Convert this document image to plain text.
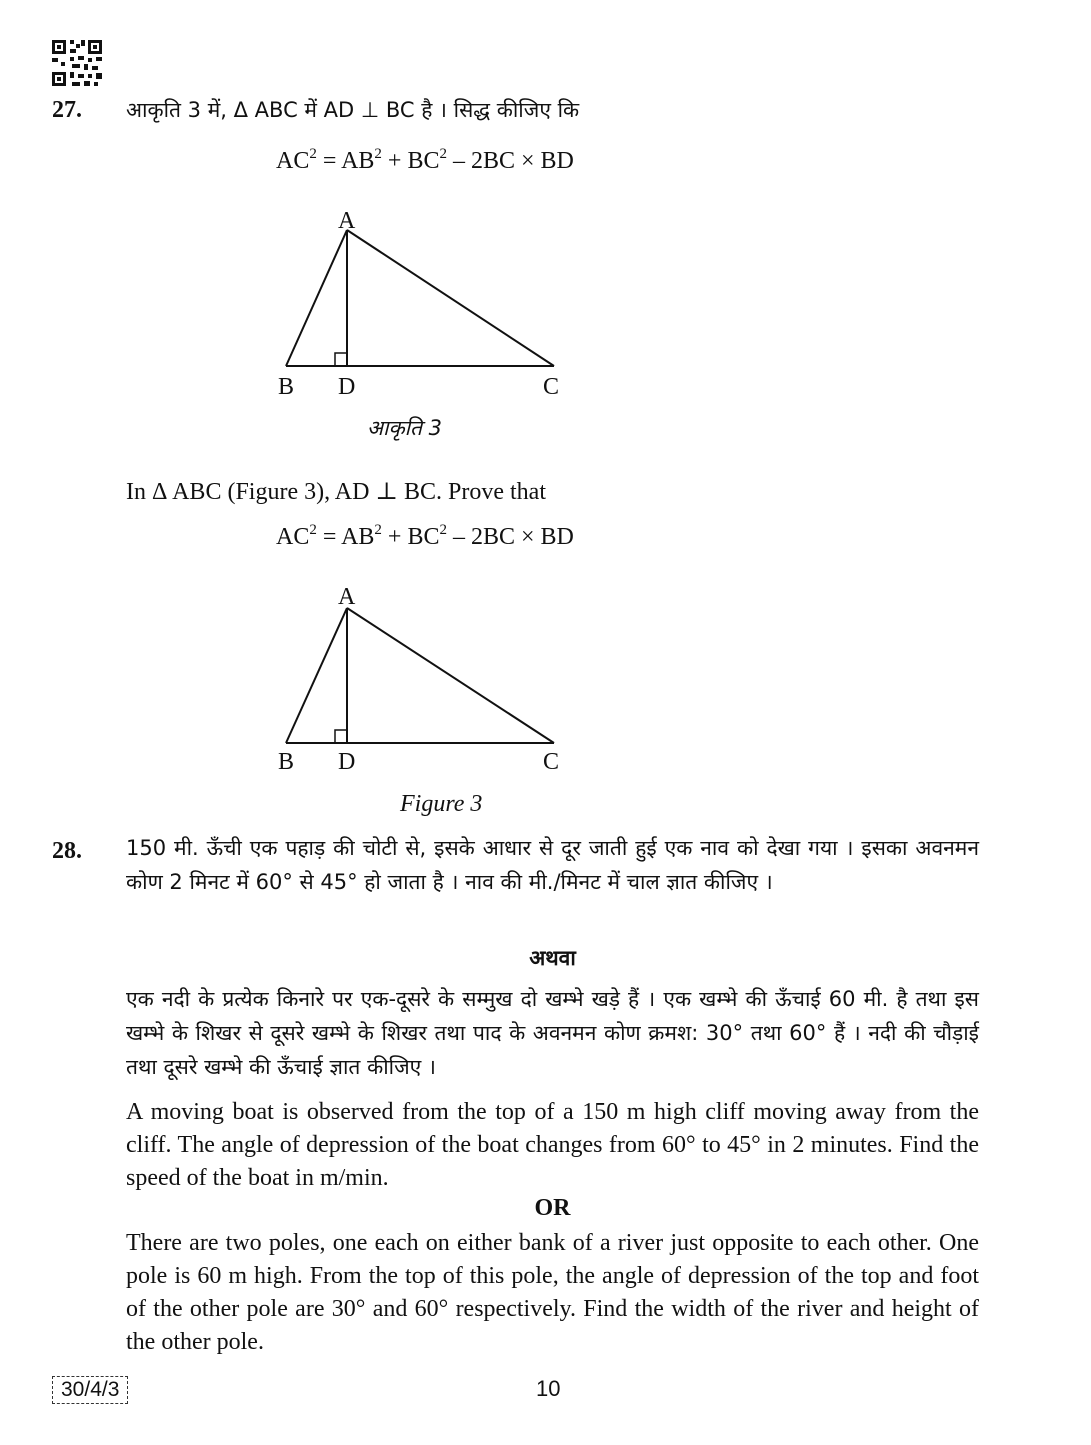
27. आकृति 3 में, Δ ABC में AD ⊥ BC है । सिद्ध कीजिए कि
$AC^2 = AB^2 + BC^2 - 2BC$ × BD
A
B D	C
आकृति 3
In Δ ABC (Figure 3), AD ⊥ BC. Prove that
$AC^2 = AB^2 + BC^2 - 2BC$ × BD
A
B D	C
Figure 3
28. 150 मी. ऊँची एक पहाड़ की चोटी से, इसके आधार से दूर जाती हुई एक नाव को देखा गया । इसका अवनमन कोण 2 मिनट में 60° से 45° हो जाता है । नाव की मी./मिनट में चाल ज्ञात कीजिए ।
अथवा
एक नदी के प्रत्येक किनारे पर एक-दूसरे के सम्मुख दो खम्भे खड़े हैं । एक खम्भे की ऊँचाई 60 मी. है तथा इस खम्भे के शिखर से दूसरे खम्भे के शिखर तथा पाद के अवनमन कोण क्रमश: 30° तथा 60° हैं । नदी की चौड़ाई तथा दूसरे खम्भे की ऊँचाई ज्ञात कीजिए ।
A moving boat is observed from the top of a 150 m high cliff moving away from the cliff. The angle of depression of the boat changes from 60° to 45° in 2 minutes. Find the speed of the boat in m/min.
OR
There are two poles, one each on either bank of a river just opposite to each other. One pole is 60 m high. From the top of this pole, the angle of depression of the top and foot of the other pole are 30° and 60° respectively. Find the width of the river and height of the other pole.
30/4/3	10
